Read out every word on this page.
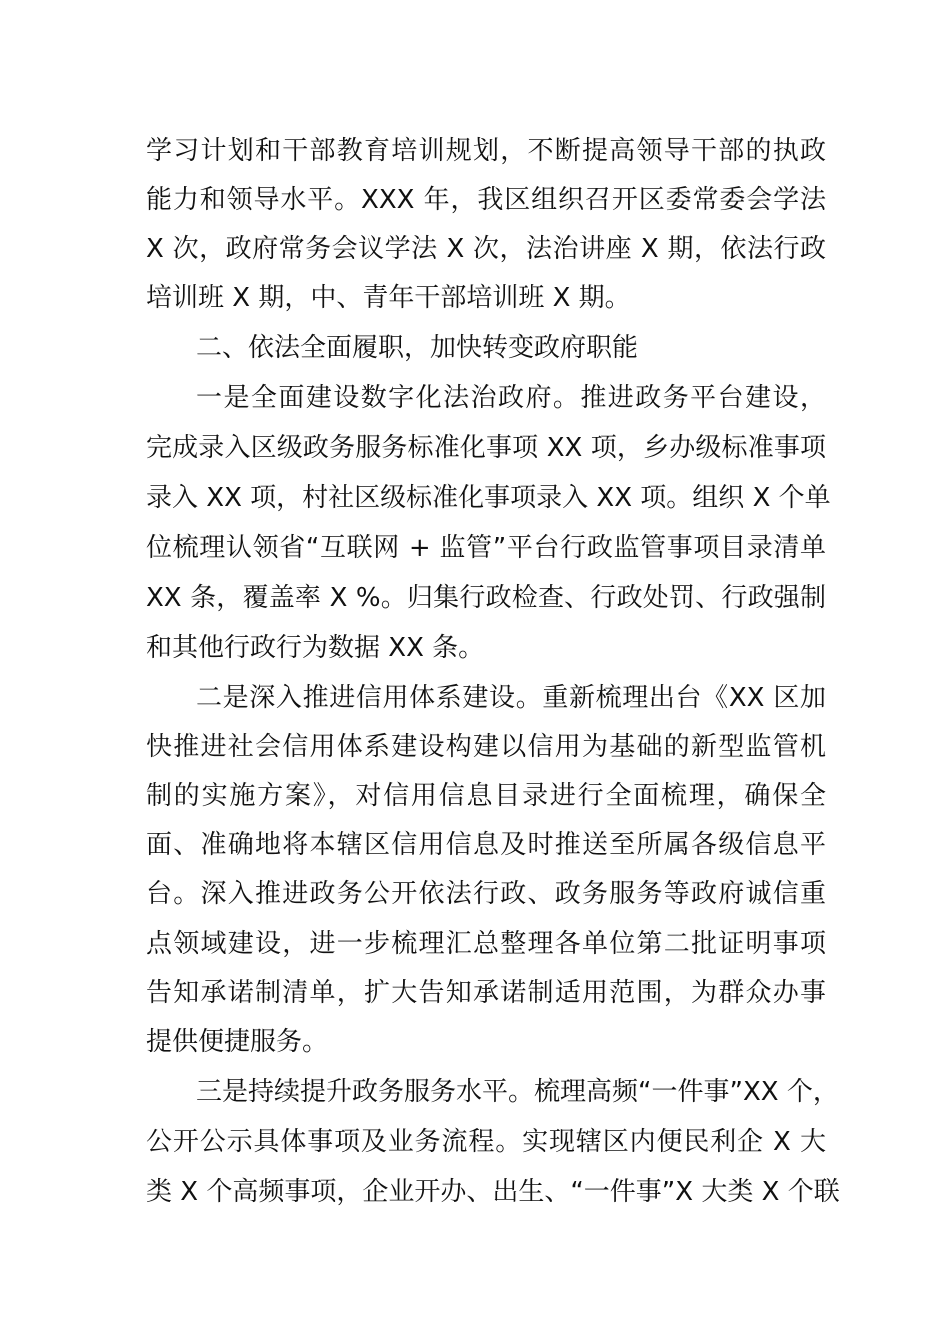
学习计划和干部教育培训规划，不断提高领导干部的执政
能力和领导水平。XXX 年，我区组织召开区委常委会学法
X 次，政府常务会议学法 X 次，法治讲座 X 期，依法行政
培训班 X 期，中、青年干部培训班 X 期。
二、依法全面履职，加快转变政府职能
一是全面建设数字化法治政府。推进政务平台建设，
完成录入区级政务服务标准化事项 XX 项，乡办级标准事项
录入 XX 项，村社区级标准化事项录入 XX 项。组织 X 个单
位梳理认领省“互联网 + 监管”平台行政监管事项目录清单
XX 条，覆盖率 X %。归集行政检查、行政处罚、行政强制
和其他行政行为数据 XX 条。
二是深入推进信用体系建设。重新梳理出台《XX 区加
快推进社会信用体系建设构建以信用为基础的新型监管机
制的实施方案》，对信用信息目录进行全面梳理，确保全
面、准确地将本辖区信用信息及时推送至所属各级信息平
台。深入推进政务公开依法行政、政务服务等政府诚信重
点领域建设，进一步梳理汇总整理各单位第二批证明事项
告知承诺制清单，扩大告知承诺制适用范围，为群众办事
提供便捷服务。
三是持续提升政务服务水平。梳理高频“一件事”XX 个，
公开公示具体事项及业务流程。实现辖区内便民利企 X 大
类 X 个高频事项，企业开办、出生、“一件事”X 大类 X 个联
